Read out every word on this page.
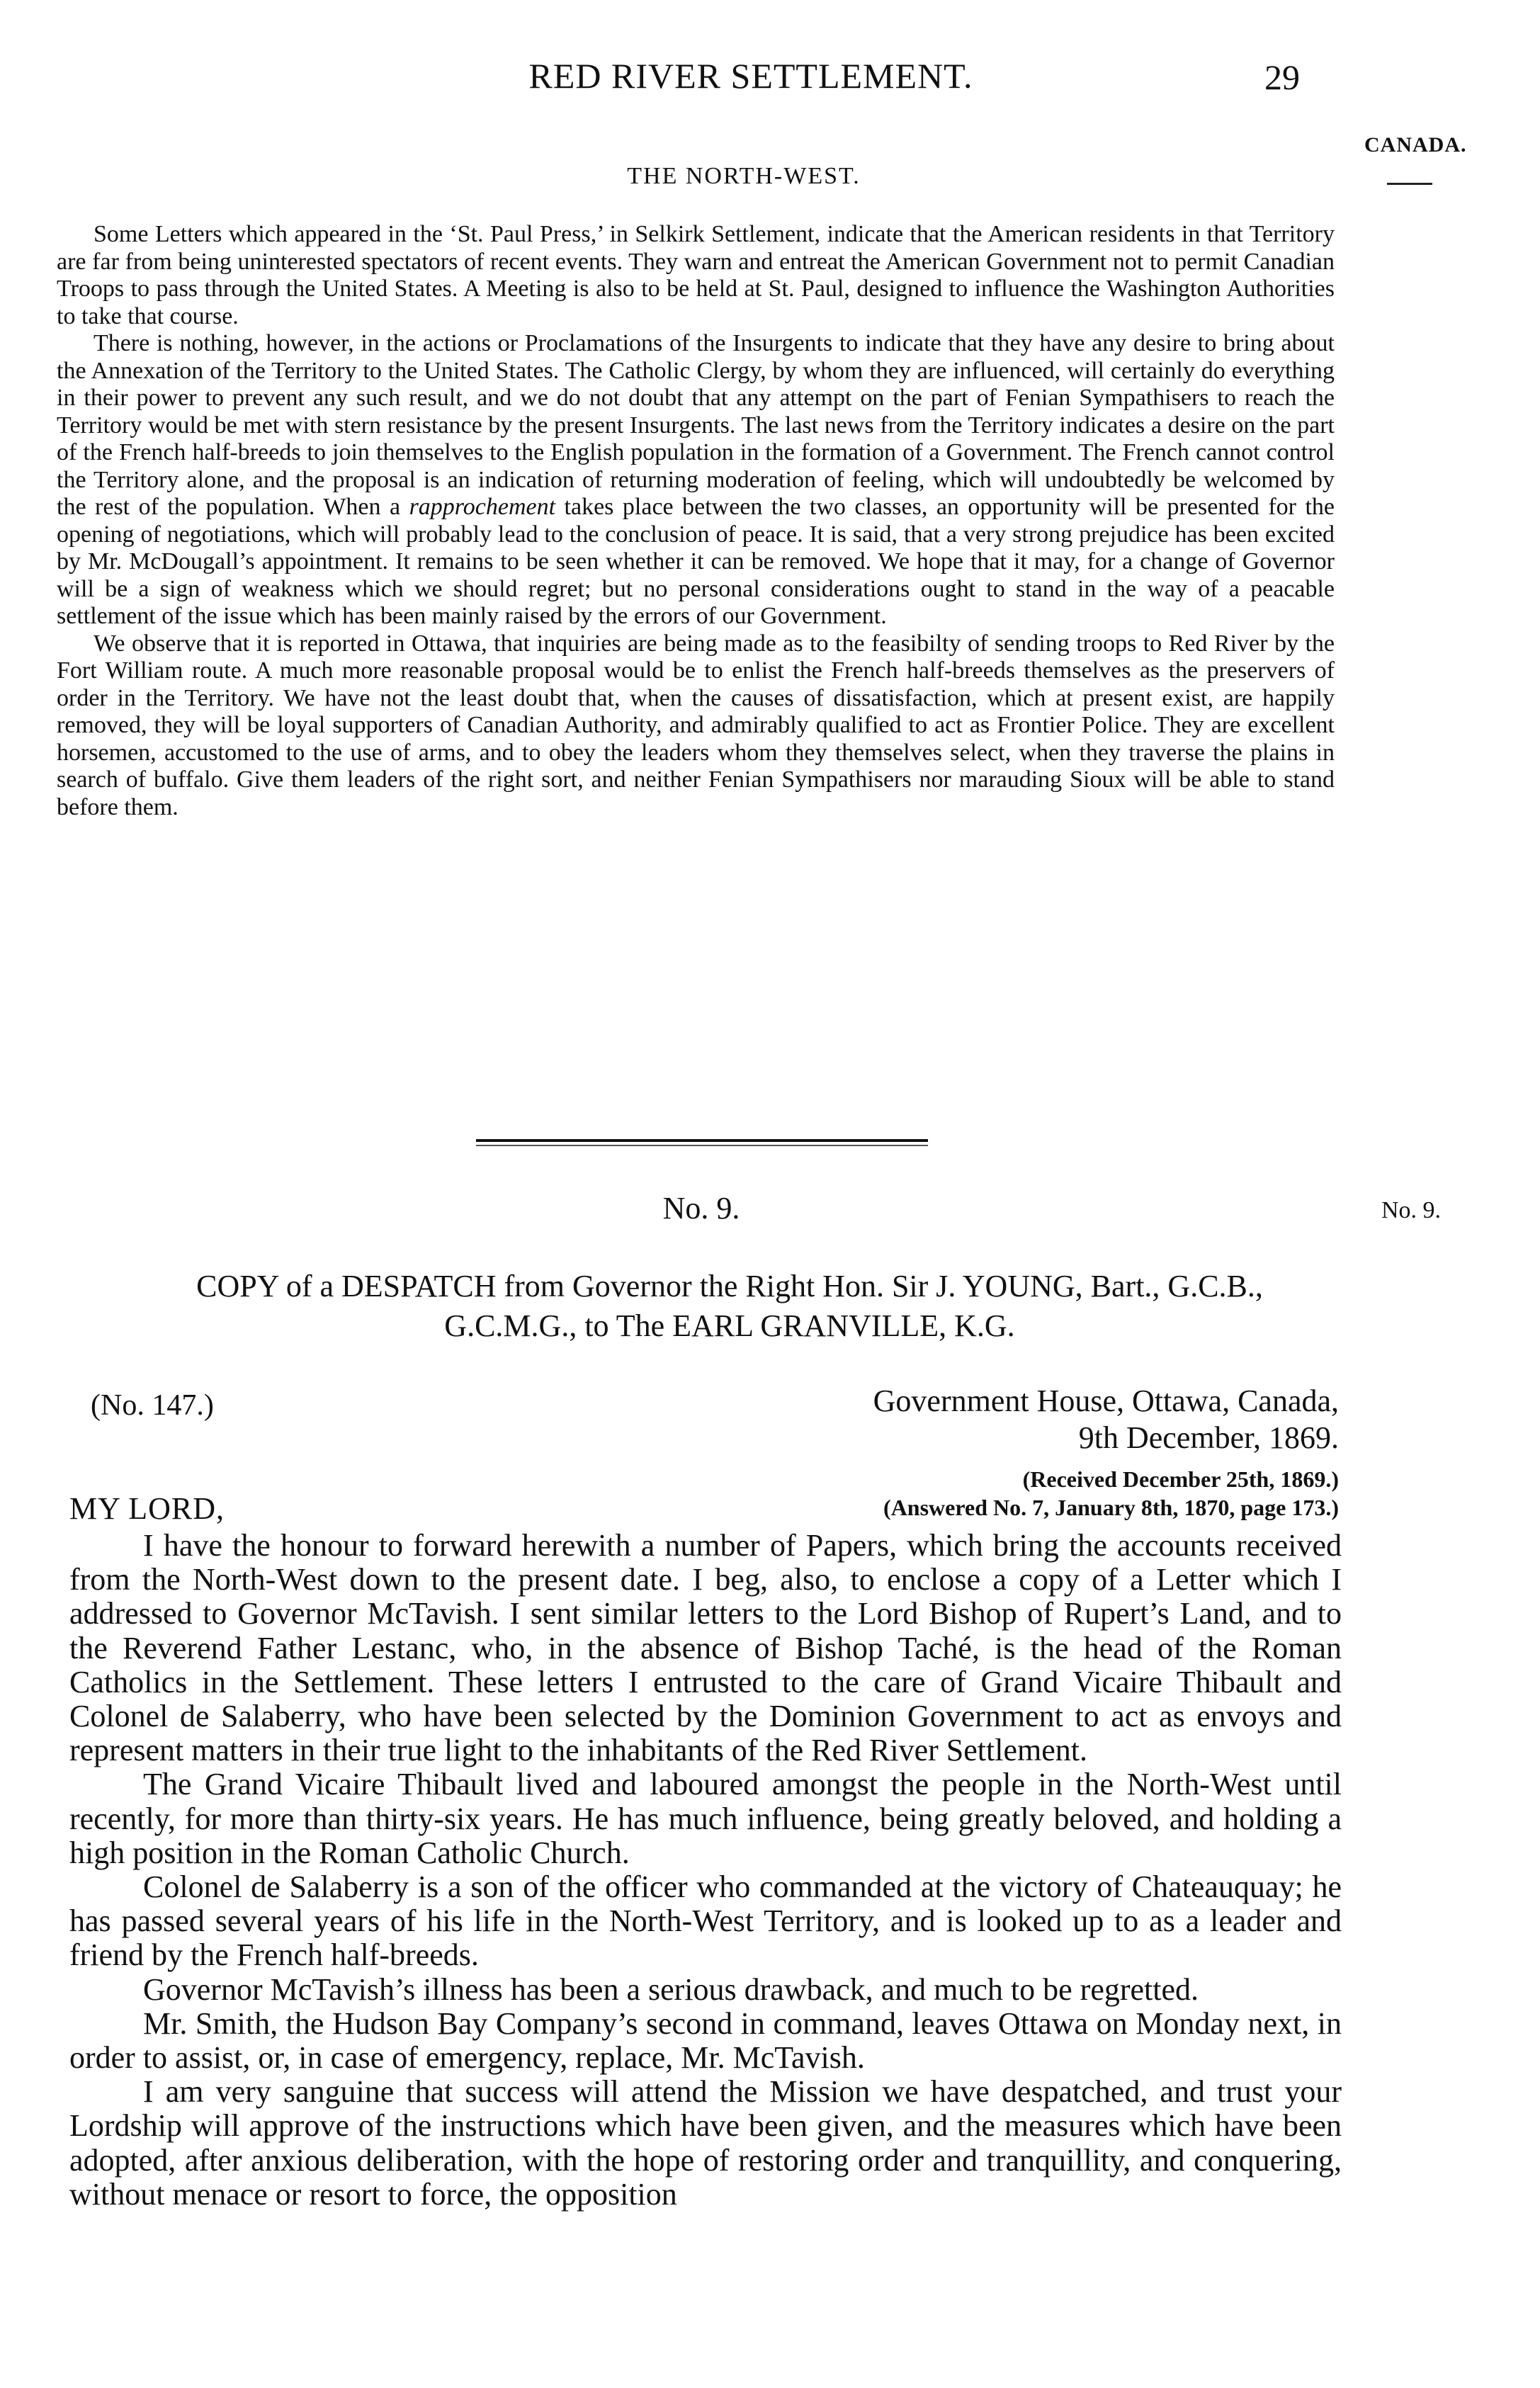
RED RIVER SETTLEMENT.	29
CANADA.
THE NORTH-WEST.

Some Letters which appeared in the ‘St. Paul Press,’ in Selkirk Settlement, indicate that the American residents in that Territory are far from being uninterested spectators of recent events. They warn and entreat the American Government not to permit Canadian Troops to pass through the United States. A Meeting is also to be held at St. Paul, designed to influence the Washington Authorities to take that course.

There is nothing, however, in the actions or Proclamations of the Insurgents to indicate that they have any desire to bring about the Annexation of the Territory to the United States. The Catholic Clergy, by whom they are influenced, will certainly do everything in their power to prevent any such result, and we do not doubt that any attempt on the part of Fenian Sympathisers to reach the Territory would be met with stern resistance by the present Insurgents. The last news from the Territory indicates a desire on the part of the French half-breeds to join themselves to the English population in the formation of a Government. The French cannot control the Territory alone, and the proposal is an indication of returning moderation of feeling, which will undoubtedly be welcomed by the rest of the population. When a rapprochement takes place between the two classes, an opportunity will be presented for the opening of negotiations, which will probably lead to the conclusion of peace. It is said, that a very strong prejudice has been excited by Mr. McDougall’s appointment. It remains to be seen whether it can be removed. We hope that it may, for a change of Governor will be a sign of weakness which we should regret; but no personal considerations ought to stand in the way of a peacable settlement of the issue which has been mainly raised by the errors of our Government.

We observe that it is reported in Ottawa, that inquiries are being made as to the feasibilty of sending troops to Red River by the Fort William route. A much more reasonable proposal would be to enlist the French half-breeds themselves as the preservers of order in the Territory. We have not the least doubt that, when the causes of dissatisfaction, which at present exist, are happily removed, they will be loyal supporters of Canadian Authority, and admirably qualified to act as Frontier Police. They are excellent horsemen, accustomed to the use of arms, and to obey the leaders whom they themselves select, when they traverse the plains in search of buffalo. Give them leaders of the right sort, and neither Fenian Sympathisers nor marauding Sioux will be able to stand before them.

No. 9.	No. 9.
COPY of a DESPATCH from Governor the Right Hon. Sir J. YOUNG, Bart., G.C.B.,
G.C.M.G., to The EARL GRANVILLE, K.G.
(No. 147.)	Government House, Ottawa, Canada,
9th December, 1869.
(Received December 25th, 1869.)
(Answered No. 7, January 8th, 1870, page 173.)
MY LORD,

I have the honour to forward herewith a number of Papers, which bring the accounts received from the North-West down to the present date. I beg, also, to enclose a copy of a Letter which I addressed to Governor McTavish. I sent similar letters to the Lord Bishop of Rupert’s Land, and to the Reverend Father Lestanc, who, in the absence of Bishop Taché, is the head of the Roman Catholics in the Settlement. These letters I entrusted to the care of Grand Vicaire Thibault and Colonel de Salaberry, who have been selected by the Dominion Government to act as envoys and represent matters in their true light to the inhabitants of the Red River Settlement.

The Grand Vicaire Thibault lived and laboured amongst the people in the North-West until recently, for more than thirty-six years. He has much influence, being greatly beloved, and holding a high position in the Roman Catholic Church.

Colonel de Salaberry is a son of the officer who commanded at the victory of Chateauquay; he has passed several years of his life in the North-West Territory, and is looked up to as a leader and friend by the French half-breeds.

Governor McTavish’s illness has been a serious drawback, and much to be regretted.

Mr. Smith, the Hudson Bay Company’s second in command, leaves Ottawa on Monday next, in order to assist, or, in case of emergency, replace, Mr. McTavish.

I am very sanguine that success will attend the Mission we have despatched, and trust your Lordship will approve of the instructions which have been given, and the measures which have been adopted, after anxious deliberation, with the hope of restoring order and tranquillity, and conquering, without menace or resort to force, the opposition
